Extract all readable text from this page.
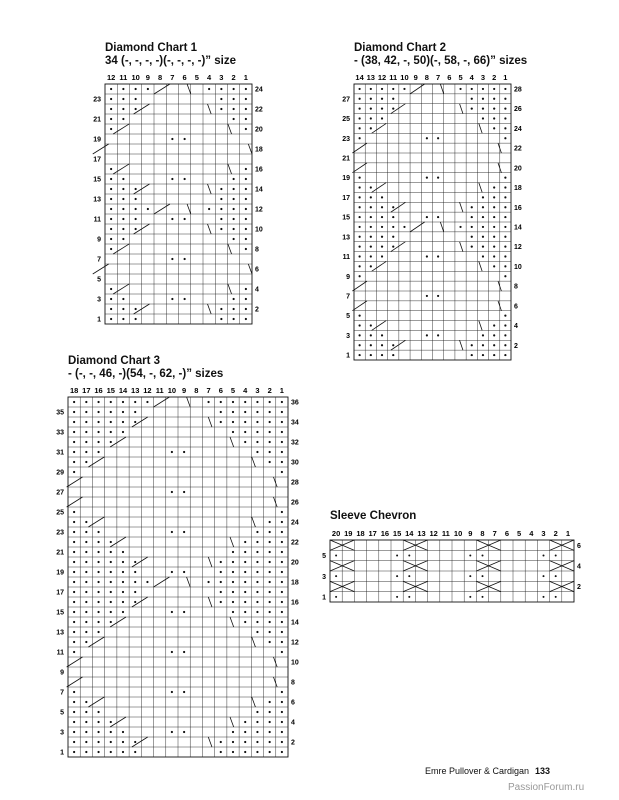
Diamond Chart 1
34 (-, -, -, -)(-, -, -, -)” size
Diamond Chart 2
- (38, 42, -, 50)(-, 58, -, 66)” sizes
Diamond Chart 3
- (-, -, 46, -)(54, -, 62, -)” sizes
Sleeve Chevron
12 11 10 9 8 7 6 5 4 3 2 1
1
2
3
4
5
6
7
8
9
10
11
12
13
14
15
16
17
18
19
20
21
22
23
24
14 13 12 11 10 9 8 7 6 5 4 3 2 1
1
2
3
4
5
6
7
8
9
10
11
12
13
14
15
16
17
18
19
20
21
22
23
24
25
26
27
28
18 17 16 15 14 13 12 11 10 9 8 7 6 5 4 3 2 1
1
2
3
4
5
6
7
8
9
10
11
12
13
14
15
16
17
18
19
20
21
22
23
24
25
26
27
28
29
30
31
32
33
34
35
36
20 19 18 17 16 15 14 13 12 11 10 9 8 7 6 5 4 3 2 1
1
2
3
4
5
6
Emre Pullover & Cardigan 133
PassionForum.ru
